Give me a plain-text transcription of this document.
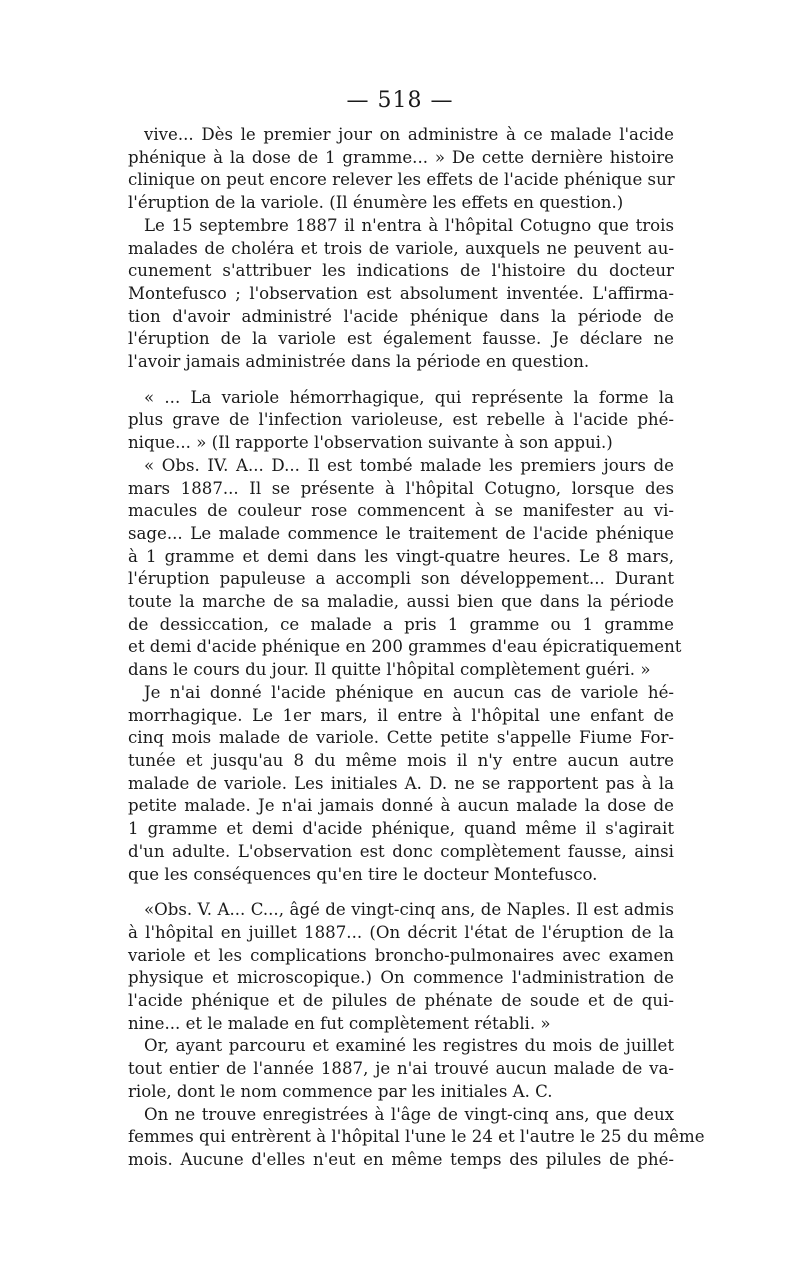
— 518 —

vive... Dès le premier jour on administre à ce malade l'acide
phénique à la dose de 1 gramme... » De cette dernière histoire
clinique on peut encore relever les effets de l'acide phénique sur
l'éruption de la variole. (Il énumère les effets en question.)

Le 15 septembre 1887 il n'entra à l'hôpital Cotugno que trois
malades de choléra et trois de variole, auxquels ne peuvent au-
cunement s'attribuer les indications de l'histoire du docteur
Montefusco ; l'observation est absolument inventée. L'affirma-
tion d'avoir administré l'acide phénique dans la période de
l'éruption de la variole est également fausse. Je déclare ne
l'avoir jamais administrée dans la période en question.

« ... La variole hémorrhagique, qui représente la forme la
plus grave de l'infection varioleuse, est rebelle à l'acide phé-
nique... » (Il rapporte l'observation suivante à son appui.)

« Obs. IV. A... D... Il est tombé malade les premiers jours de
mars 1887... Il se présente à l'hôpital Cotugno, lorsque des
macules de couleur rose commencent à se manifester au vi-
sage... Le malade commence le traitement de l'acide phénique
à 1 gramme et demi dans les vingt-quatre heures. Le 8 mars,
l'éruption papuleuse a accompli son développement... Durant
toute la marche de sa maladie, aussi bien que dans la période
de dessiccation, ce malade a pris 1 gramme ou 1 gramme
et demi d'acide phénique en 200 grammes d'eau épicratiquement
dans le cours du jour. Il quitte l'hôpital complètement guéri. »

Je n'ai donné l'acide phénique en aucun cas de variole hé-
morrhagique. Le 1er mars, il entre à l'hôpital une enfant de
cinq mois malade de variole. Cette petite s'appelle Fiume For-
tunée et jusqu'au 8 du même mois il n'y entre aucun autre
malade de variole. Les initiales A. D. ne se rapportent pas à la
petite malade. Je n'ai jamais donné à aucun malade la dose de
1 gramme et demi d'acide phénique, quand même il s'agirait
d'un adulte. L'observation est donc complètement fausse, ainsi
que les conséquences qu'en tire le docteur Montefusco.

«Obs. V. A... C..., âgé de vingt-cinq ans, de Naples. Il est admis
à l'hôpital en juillet 1887... (On décrit l'état de l'éruption de la
variole et les complications broncho-pulmonaires avec examen
physique et microscopique.) On commence l'administration de
l'acide phénique et de pilules de phénate de soude et de qui-
nine... et le malade en fut complètement rétabli. »

Or, ayant parcouru et examiné les registres du mois de juillet
tout entier de l'année 1887, je n'ai trouvé aucun malade de va-
riole, dont le nom commence par les initiales A. C.

On ne trouve enregistrées à l'âge de vingt-cinq ans, que deux
femmes qui entrèrent à l'hôpital l'une le 24 et l'autre le 25 du même
mois. Aucune d'elles n'eut en même temps des pilules de phé-
